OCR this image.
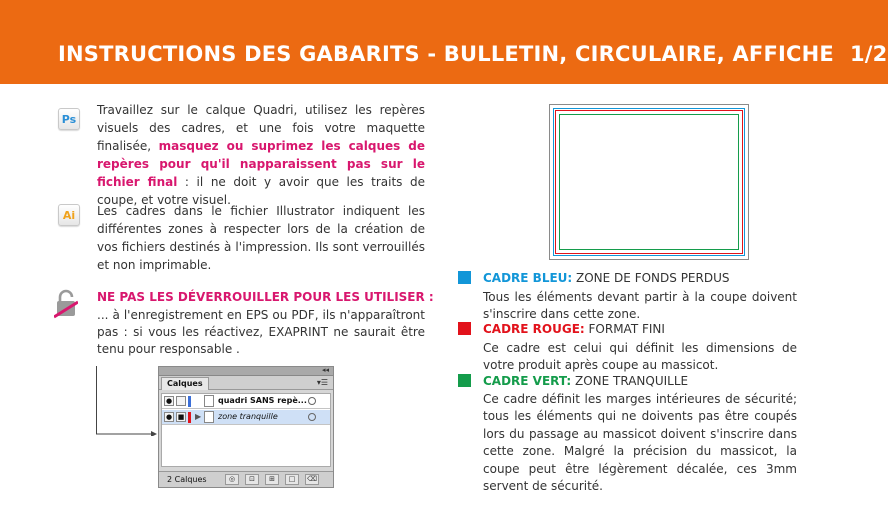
INSTRUCTIONS DES GABARITS - BULLETIN, CIRCULAIRE, AFFICHE 1/2
Ps
Travaillez sur le calque Quadri, utilisez les repères visuels des cadres, et une fois votre maquette finalisée, masquez ou suprimez les calques de repères pour qu'il napparaissent pas sur le fichier final : il ne doit y avoir que les traits de coupe, et votre visuel.
Ai	Les cadres dans le fichier Illustrator indiquent les différentes zones à respecter lors de la création de vos fichiers destinés à l'impression. Ils sont verrouillés et non imprimable.
NE PAS LES DÉVERROUILLER POUR LES UTILISER :
... à l'enregistrement en EPS ou PDF, ils n'apparaîtront pas : si vous les réactivez, EXAPRINT ne saurait être tenu pour responsable .
◂◂
Calques	▾☰
●	quadri SANS repè...
● ■ ▶ zone tranquille
2 Calques	◎	⊡	⊞	□	⌫
CADRE BLEU: ZONE DE FONDS PERDUS
Tous les éléments devant partir à la coupe doivent s'inscrire dans cette zone.
CADRE ROUGE: FORMAT FINI
Ce cadre est celui qui définit les dimensions de votre produit après coupe au massicot.
CADRE VERT: ZONE TRANQUILLE
Ce cadre définit les marges intérieures de sécurité; tous les éléments qui ne doivents pas être coupés lors du passage au massicot doivent s'inscrire dans cette zone. Malgré la précision du massicot, la coupe peut être légèrement décalée, ces 3mm servent de sécurité.
